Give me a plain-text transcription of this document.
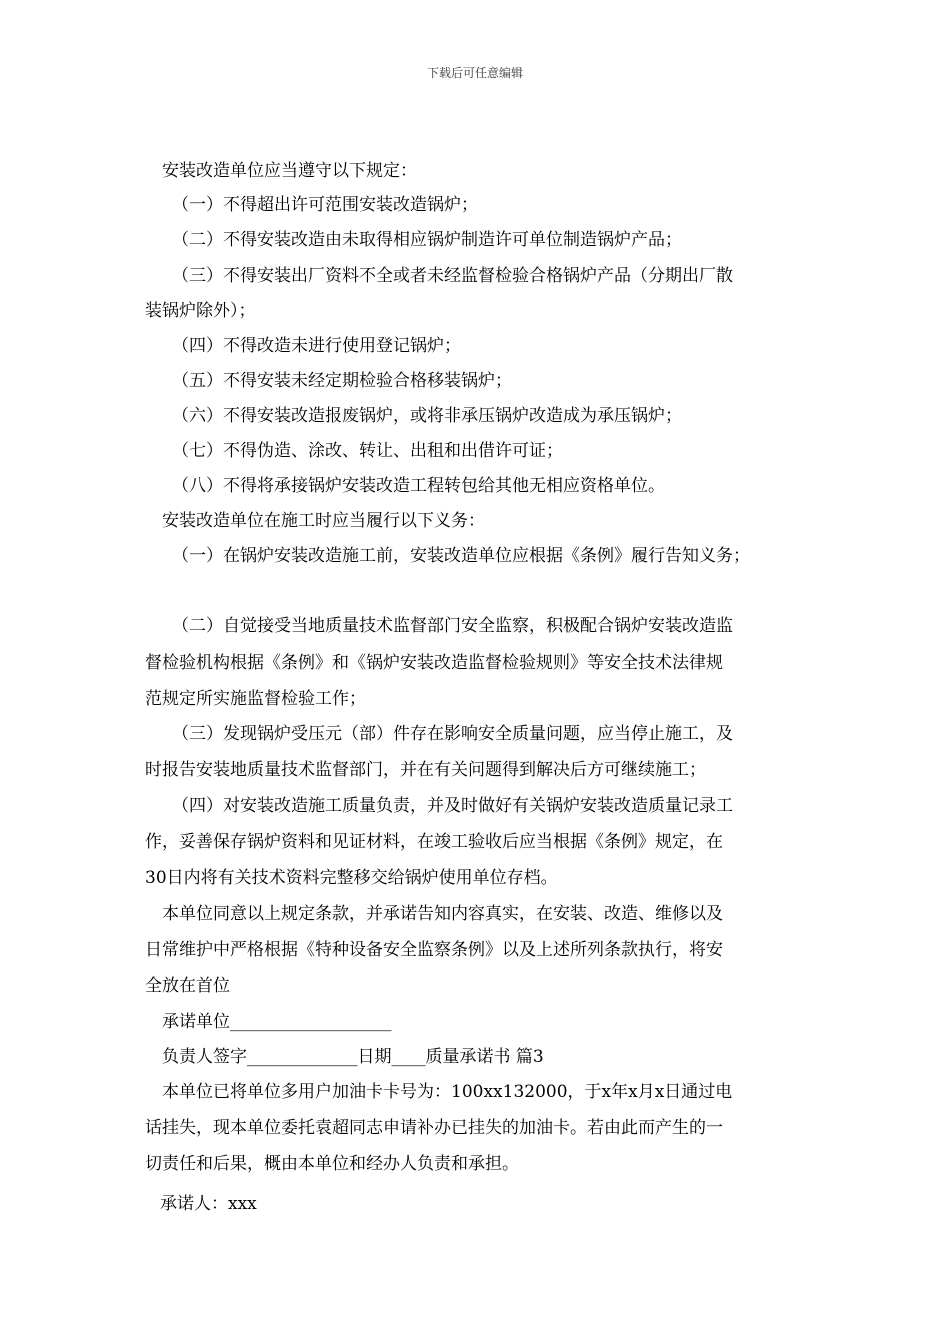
下载后可任意编辑
安装改造单位应当遵守以下规定：
（一）不得超出许可范围安装改造锅炉；
（二）不得安装改造由未取得相应锅炉制造许可单位制造锅炉产品；
（三）不得安装出厂资料不全或者未经监督检验合格锅炉产品（分期出厂散
装锅炉除外）；
（四）不得改造未进行使用登记锅炉；
（五）不得安装未经定期检验合格移装锅炉；
（六）不得安装改造报废锅炉，或将非承压锅炉改造成为承压锅炉；
（七）不得伪造、涂改、转让、出租和出借许可证；
（八）不得将承接锅炉安装改造工程转包给其他无相应资格单位。
安装改造单位在施工时应当履行以下义务：
（一）在锅炉安装改造施工前，安装改造单位应根据《条例》履行告知义务；
（二）自觉接受当地质量技术监督部门安全监察，积极配合锅炉安装改造监
督检验机构根据《条例》和《锅炉安装改造监督检验规则》等安全技术法律规
范规定所实施监督检验工作；
（三）发现锅炉受压元（部）件存在影响安全质量问题，应当停止施工，及
时报告安装地质量技术监督部门，并在有关问题得到解决后方可继续施工；
（四）对安装改造施工质量负责，并及时做好有关锅炉安装改造质量记录工
作，妥善保存锅炉资料和见证材料，在竣工验收后应当根据《条例》规定，在
30日内将有关技术资料完整移交给锅炉使用单位存档。
本单位同意以上规定条款，并承诺告知内容真实，在安装、改造、维修以及
日常维护中严格根据《特种设备安全监察条例》以及上述所列条款执行，将安
全放在首位
承诺单位___________________
负责人签字_____________日期____质量承诺书 篇3
本单位已将单位多用户加油卡卡号为：100xx132000，于x年x月x日通过电
话挂失，现本单位委托袁超同志申请补办已挂失的加油卡。若由此而产生的一
切责任和后果，概由本单位和经办人负责和承担。
承诺人：xxx
